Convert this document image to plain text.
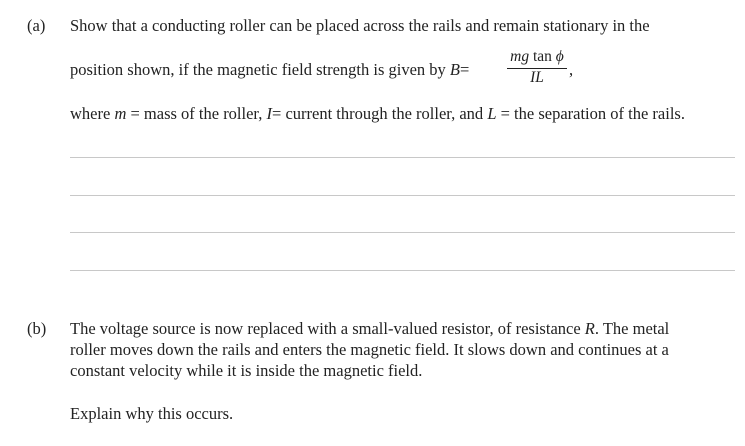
(a) Show that a conducting roller can be placed across the rails and remain stationary in the
position shown, if the magnetic field strength is given by B=
mg tan ϕ
IL	,
where m = mass of the roller, I= current through the roller, and L = the separation of the rails.
(b) The voltage source is now replaced with a small-valued resistor, of resistance R. The metal
roller moves down the rails and enters the magnetic field. It slows down and continues at a
constant velocity while it is inside the magnetic field.
Explain why this occurs.
